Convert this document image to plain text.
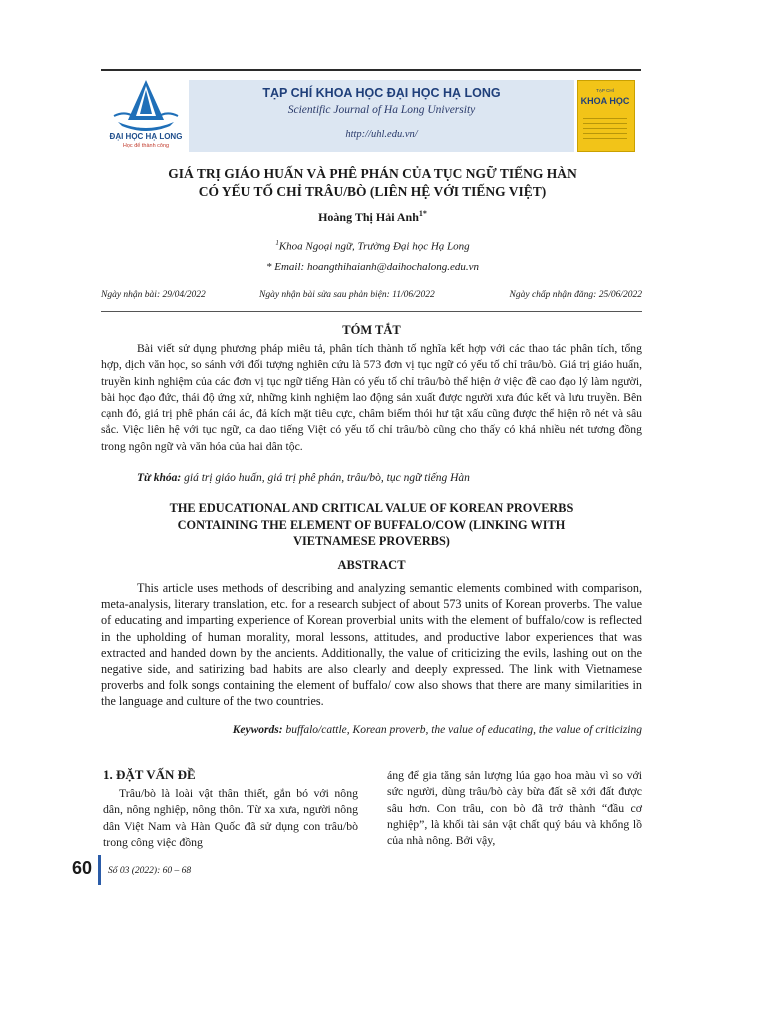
ĐẠI HỌC HẠ LONG
Học để thành công
TẠP CHÍ KHOA HỌC ĐẠI HỌC HẠ LONG
Scientific Journal of Ha Long University
http://uhl.edu.vn/
TẠP CHÍ
KHOA HỌC
GIÁ TRỊ GIÁO HUẤN VÀ PHÊ PHÁN CỦA TỤC NGỮ TIẾNG HÀN
CÓ YẾU TỐ CHỈ TRÂU/BÒ (LIÊN HỆ VỚI TIẾNG VIỆT)
Hoàng Thị Hải Anh$^{1*}$
$^1$Khoa Ngoại ngữ, Trường Đại học Hạ Long
* Email: hoangthihaianh@daihochalong.edu.vn
Ngày nhận bài: 29/04/2022	Ngày nhận bài sửa sau phản biện: 11/06/2022	Ngày chấp nhận đăng: 25/06/2022
TÓM TẮT
Bài viết sử dụng phương pháp miêu tả, phân tích thành tố nghĩa kết hợp với các thao tác phân tích, tổng hợp, dịch văn học, so sánh với đối tượng nghiên cứu là 573 đơn vị tục ngữ có yếu tố chỉ trâu/bò. Giá trị giáo huấn, truyền kinh nghiệm của các đơn vị tục ngữ tiếng Hàn có yếu tố chỉ trâu/bò thể hiện ở việc đề cao đạo lý làm người, bài học đạo đức, thái độ ứng xử, những kinh nghiệm lao động sản xuất được người xưa đúc kết và lưu truyền. Bên cạnh đó, giá trị phê phán cái ác, đả kích mặt tiêu cực, châm biếm thói hư tật xấu cũng được thể hiện rõ nét và sâu sắc. Việc liên hệ với tục ngữ, ca dao tiếng Việt có yếu tố chỉ trâu/bò cũng cho thấy có khá nhiều nét tương đồng trong ngôn ngữ và văn hóa của hai dân tộc.
Từ khóa: giá trị giáo huấn, giá trị phê phán, trâu/bò, tục ngữ tiếng Hàn
THE EDUCATIONAL AND CRITICAL VALUE OF KOREAN PROVERBS
CONTAINING THE ELEMENT OF BUFFALO/COW (LINKING WITH
VIETNAMESE PROVERBS)
ABSTRACT
This article uses methods of describing and analyzing semantic elements combined with comparison, meta-analysis, literary translation, etc. for a research subject of about 573 units of Korean proverbs. The value of educating and imparting experience of Korean proverbial units with the element of buffalo/cow is reflected in the upholding of human morality, moral lessons, attitudes, and productive labor experiences that was extracted and handed down by the ancients. Additionally, the value of criticizing the evils, lashing out on the negative side, and satirizing bad habits are also clearly and deeply expressed. The link with Vietnamese proverbs and folk songs containing the element of buffalo/ cow also shows that there are many similarities in the language and culture of the two countries.
Keywords: buffalo/cattle, Korean proverb, the value of educating, the value of criticizing
1. ĐẶT VẤN ĐỀ
Trâu/bò là loài vật thân thiết, gắn bó với nông dân, nông nghiệp, nông thôn. Từ xa xưa, người nông dân Việt Nam và Hàn Quốc đã sử dụng con trâu/bò trong công việc đồng
áng để gia tăng sản lượng lúa gạo hoa màu vì so với sức người, dùng trâu/bò cày bừa đất sẽ xới đất được sâu hơn. Con trâu, con bò đã trở thành “đầu cơ nghiệp”, là khối tài sản vật chất quý báu và khổng lồ của nhà nông. Bởi vậy,
60 Số 03 (2022): 60 – 68
